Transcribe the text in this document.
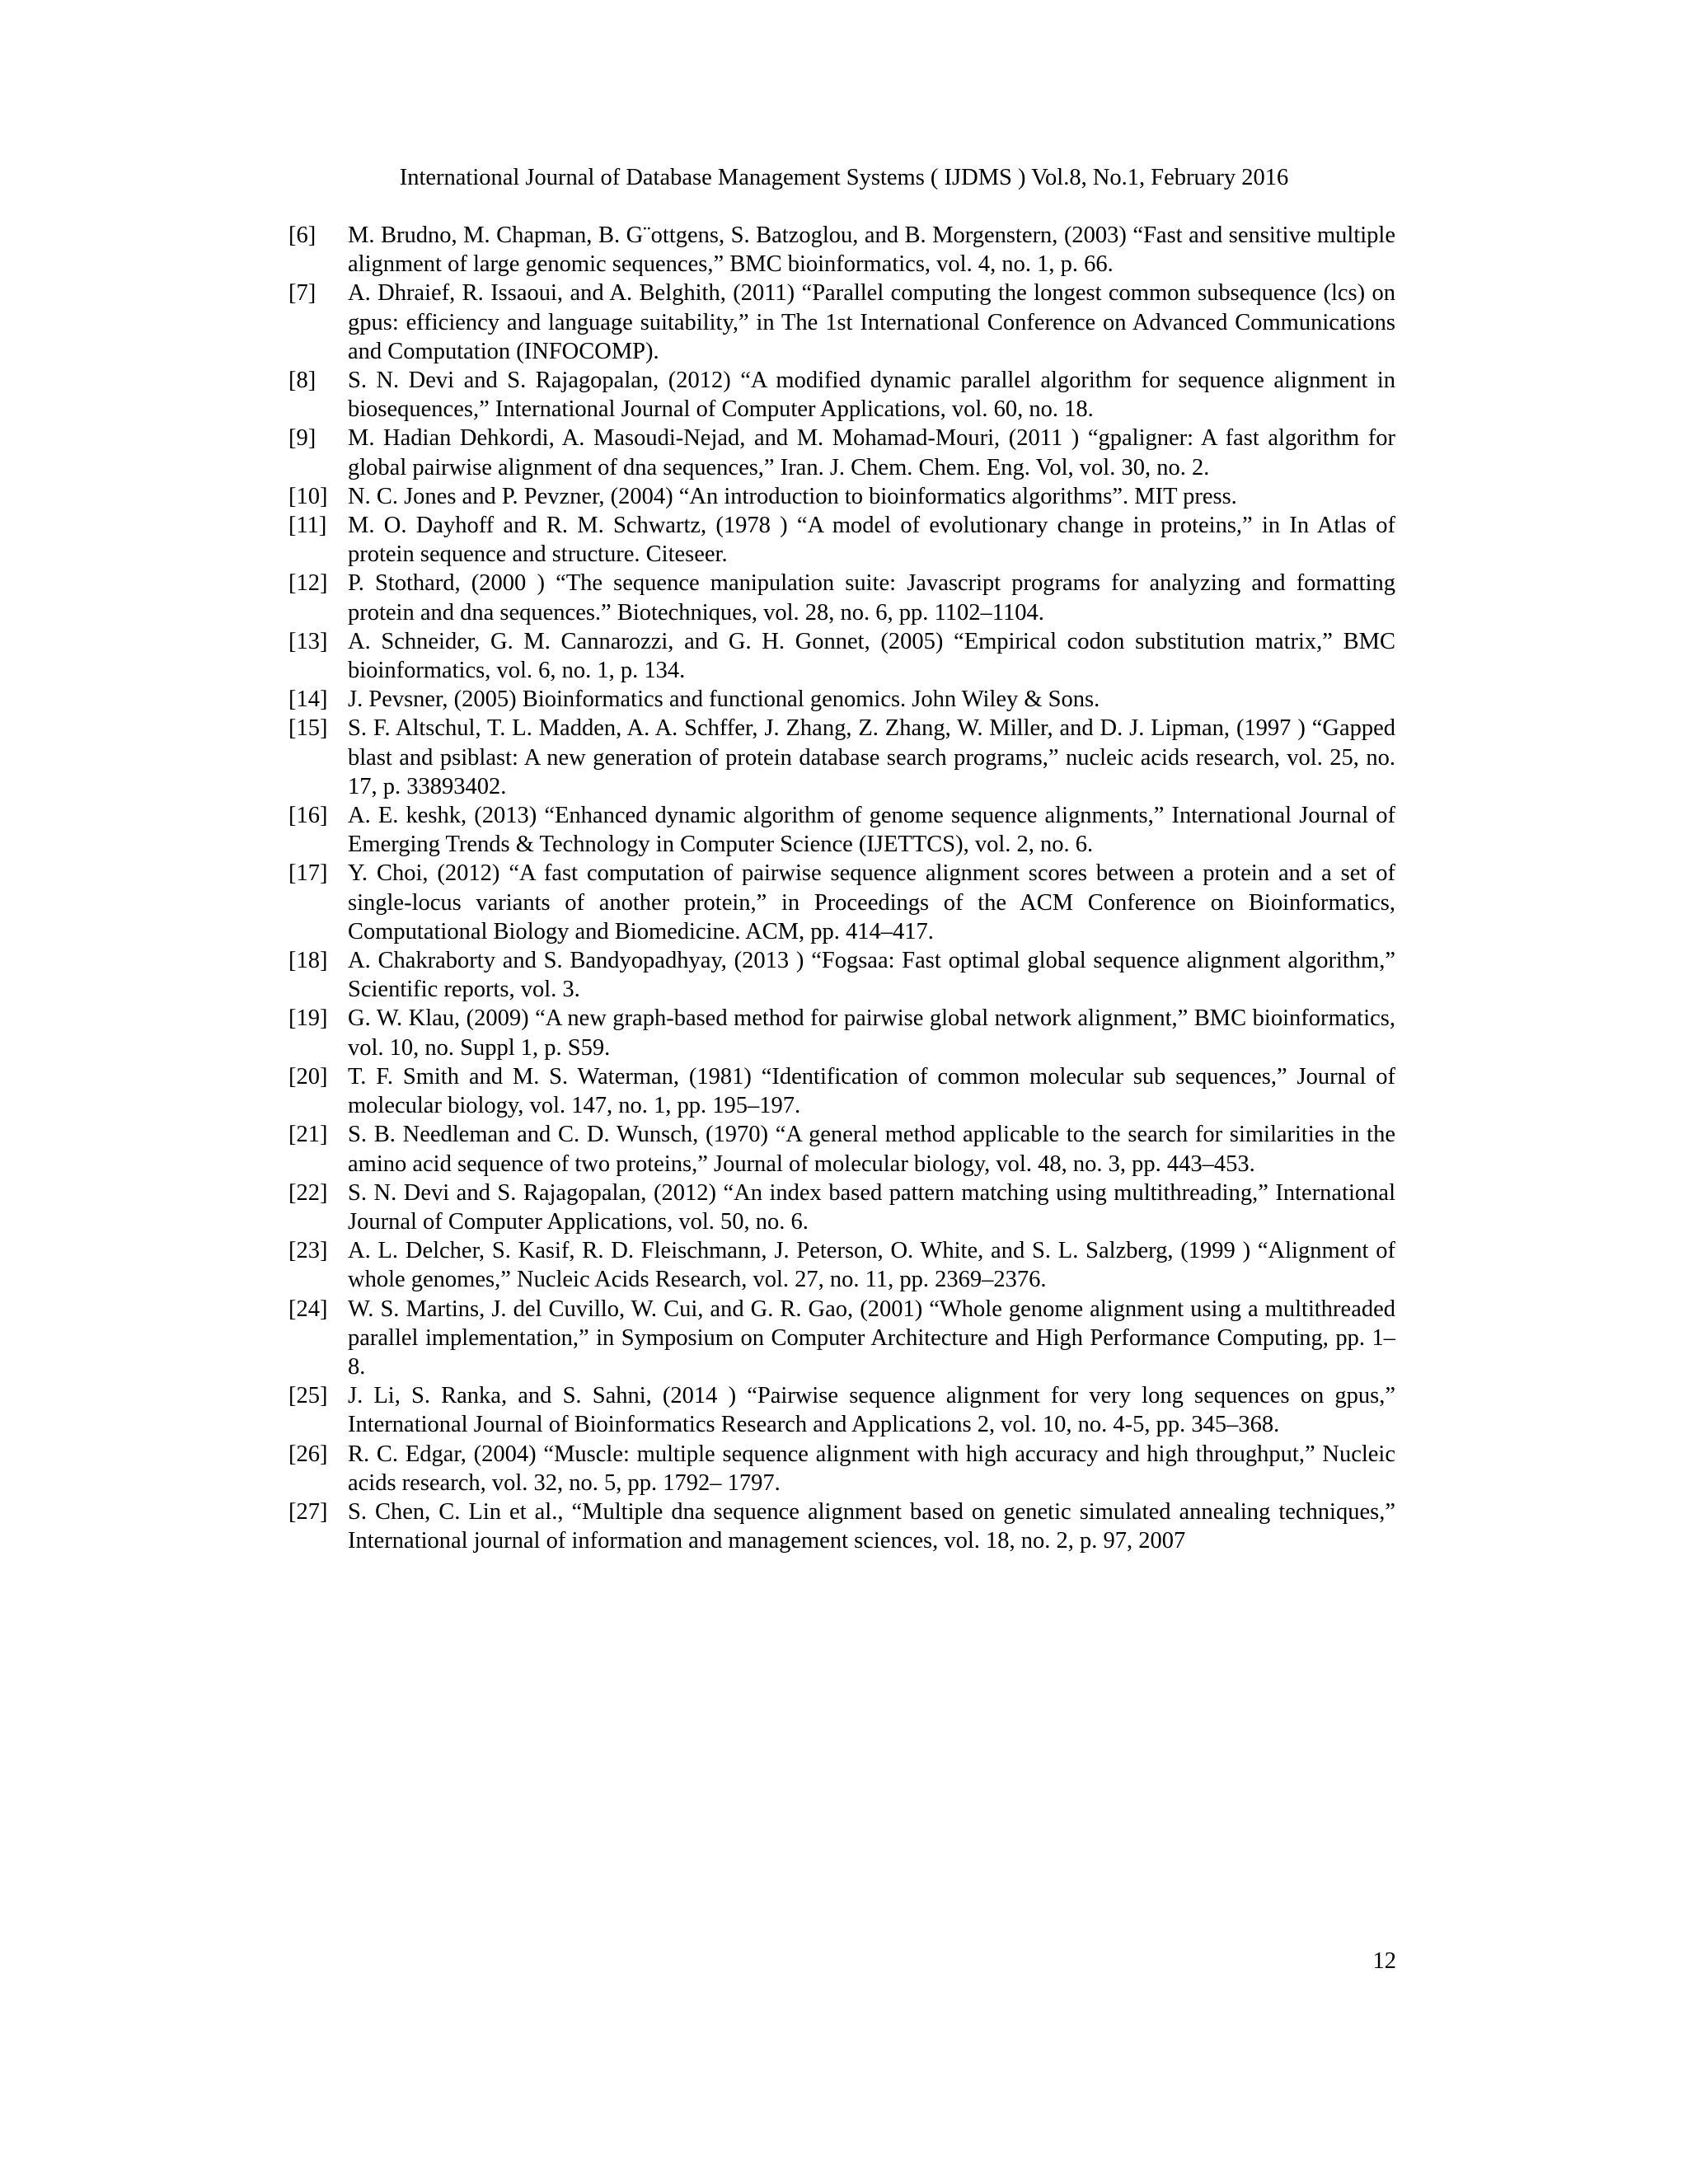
International Journal of Database Management Systems ( IJDMS ) Vol.8, No.1, February 2016
[6] M. Brudno, M. Chapman, B. G¨ottgens, S. Batzoglou, and B. Morgenstern, (2003) “Fast and sensitive multiple alignment of large genomic sequences,” BMC bioinformatics, vol. 4, no. 1, p. 66.
[7] A. Dhraief, R. Issaoui, and A. Belghith, (2011) “Parallel computing the longest common subsequence (lcs) on gpus: efficiency and language suitability,” in The 1st International Conference on Advanced Communications and Computation (INFOCOMP).
[8] S. N. Devi and S. Rajagopalan, (2012) “A modified dynamic parallel algorithm for sequence alignment in biosequences,” International Journal of Computer Applications, vol. 60, no. 18.
[9] M. Hadian Dehkordi, A. Masoudi-Nejad, and M. Mohamad-Mouri, (2011 ) “gpaligner: A fast algorithm for global pairwise alignment of dna sequences,” Iran. J. Chem. Chem. Eng. Vol, vol. 30, no. 2.
[10] N. C. Jones and P. Pevzner, (2004) “An introduction to bioinformatics algorithms”. MIT press.
[11] M. O. Dayhoff and R. M. Schwartz, (1978 ) “A model of evolutionary change in proteins,” in In Atlas of protein sequence and structure. Citeseer.
[12] P. Stothard, (2000 ) “The sequence manipulation suite: Javascript programs for analyzing and formatting protein and dna sequences.” Biotechniques, vol. 28, no. 6, pp. 1102–1104.
[13] A. Schneider, G. M. Cannarozzi, and G. H. Gonnet, (2005) “Empirical codon substitution matrix,” BMC bioinformatics, vol. 6, no. 1, p. 134.
[14] J. Pevsner, (2005) Bioinformatics and functional genomics. John Wiley & Sons.
[15] S. F. Altschul, T. L. Madden, A. A. Schffer, J. Zhang, Z. Zhang, W. Miller, and D. J. Lipman, (1997 ) “Gapped blast and psiblast: A new generation of protein database search programs,” nucleic acids research, vol. 25, no. 17, p. 33893402.
[16] A. E. keshk, (2013) “Enhanced dynamic algorithm of genome sequence alignments,” International Journal of Emerging Trends & Technology in Computer Science (IJETTCS), vol. 2, no. 6.
[17] Y. Choi, (2012) “A fast computation of pairwise sequence alignment scores between a protein and a set of single-locus variants of another protein,” in Proceedings of the ACM Conference on Bioinformatics, Computational Biology and Biomedicine. ACM, pp. 414–417.
[18] A. Chakraborty and S. Bandyopadhyay, (2013 ) “Fogsaa: Fast optimal global sequence alignment algorithm,” Scientific reports, vol. 3.
[19] G. W. Klau, (2009) “A new graph-based method for pairwise global network alignment,” BMC bioinformatics, vol. 10, no. Suppl 1, p. S59.
[20] T. F. Smith and M. S. Waterman, (1981) “Identification of common molecular sub sequences,” Journal of molecular biology, vol. 147, no. 1, pp. 195–197.
[21] S. B. Needleman and C. D. Wunsch, (1970) “A general method applicable to the search for similarities in the amino acid sequence of two proteins,” Journal of molecular biology, vol. 48, no. 3, pp. 443–453.
[22] S. N. Devi and S. Rajagopalan, (2012) “An index based pattern matching using multithreading,” International Journal of Computer Applications, vol. 50, no. 6.
[23] A. L. Delcher, S. Kasif, R. D. Fleischmann, J. Peterson, O. White, and S. L. Salzberg, (1999 ) “Alignment of whole genomes,” Nucleic Acids Research, vol. 27, no. 11, pp. 2369–2376.
[24] W. S. Martins, J. del Cuvillo, W. Cui, and G. R. Gao, (2001) “Whole genome alignment using a multithreaded parallel implementation,” in Symposium on Computer Architecture and High Performance Computing, pp. 1–8.
[25] J. Li, S. Ranka, and S. Sahni, (2014 ) “Pairwise sequence alignment for very long sequences on gpus,” International Journal of Bioinformatics Research and Applications 2, vol. 10, no. 4-5, pp. 345–368.
[26] R. C. Edgar, (2004) “Muscle: multiple sequence alignment with high accuracy and high throughput,” Nucleic acids research, vol. 32, no. 5, pp. 1792– 1797.
[27] S. Chen, C. Lin et al., “Multiple dna sequence alignment based on genetic simulated annealing techniques,” International journal of information and management sciences, vol. 18, no. 2, p. 97, 2007
12
